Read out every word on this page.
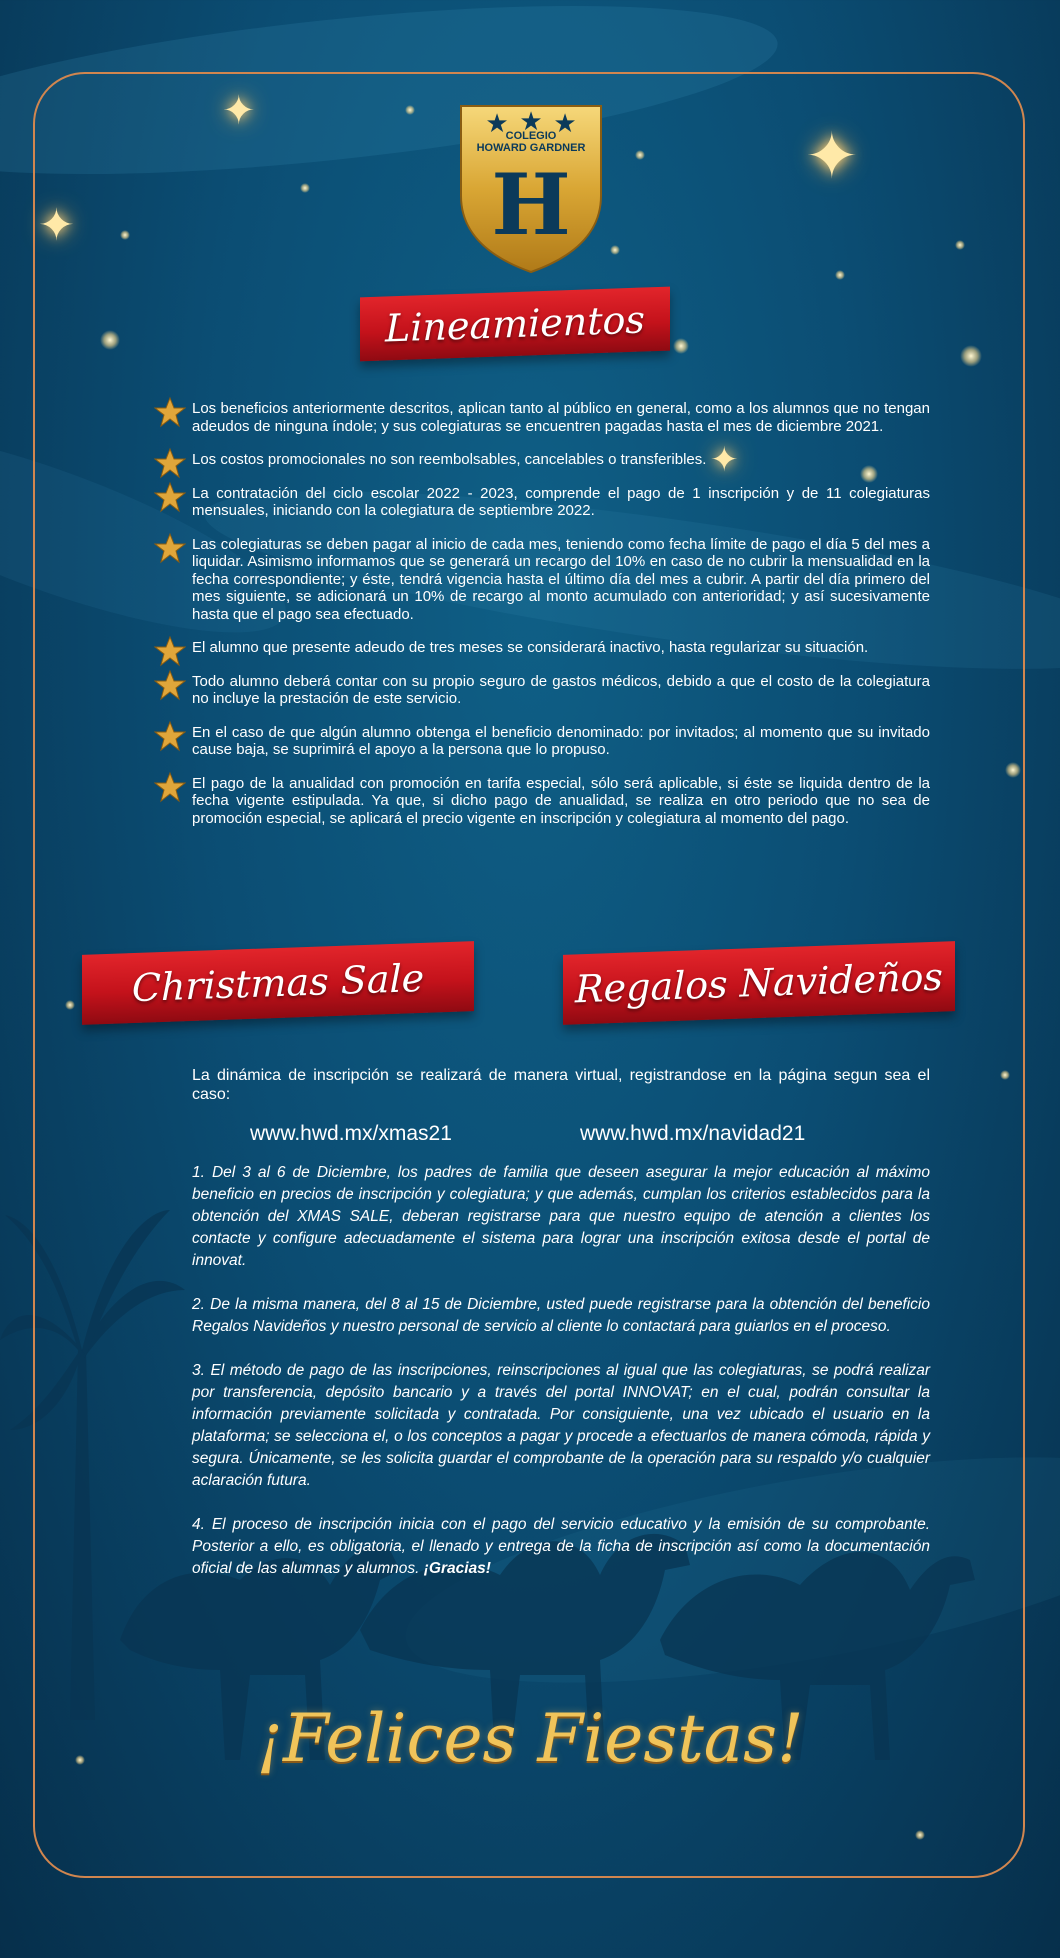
✦
✦
✦
✦
★ ★ ★
H
COLEGIO
HOWARD GARDNER
Lineamientos
Los beneficios anteriormente descritos, aplican tanto al público en general, como a los alumnos que no tengan adeudos de ninguna índole; y sus colegiaturas se encuentren pagadas hasta el mes de diciembre 2021.
Los costos promocionales no son reembolsables, cancelables o transferibles.
La contratación del ciclo escolar 2022 - 2023, comprende el pago de 1 inscripción y de 11 colegiaturas mensuales, iniciando con la colegiatura de septiembre 2022.
Las colegiaturas se deben pagar al inicio de cada mes, teniendo como fecha límite de pago el día 5 del mes a liquidar. Asimismo informamos que se generará un recargo del 10% en caso de no cubrir la mensualidad en la fecha correspondiente; y éste, tendrá vigencia hasta el último día del mes a cubrir. A partir del día primero del mes siguiente, se adicionará un 10% de recargo al monto acumulado con anterioridad; y así sucesivamente hasta que el pago sea efectuado.
El alumno que presente adeudo de tres meses se considerará inactivo, hasta regularizar su situación.
Todo alumno deberá contar con su propio seguro de gastos médicos, debido a que el costo de la colegiatura no incluye la prestación de este servicio.
En el caso de que algún alumno obtenga el beneficio denominado: por invitados; al momento que su invitado cause baja, se suprimirá el apoyo a la persona que lo propuso.
El pago de la anualidad con promoción en tarifa especial, sólo será aplicable, si éste se liquida dentro de la fecha vigente estipulada. Ya que, si dicho pago de anualidad, se realiza en otro periodo que no sea de promoción especial, se aplicará el precio vigente en inscripción y colegiatura al momento del pago.
Christmas Sale	Regalos Navideños
La dinámica de inscripción se realizará de manera virtual, registrandose en la página segun sea el caso:
www.hwd.mx/xmas21	www.hwd.mx/navidad21

1. Del 3 al 6 de Diciembre, los padres de familia que deseen asegurar la mejor educación al máximo beneficio en precios de inscripción y colegiatura; y que además, cumplan los criterios establecidos para la obtención del XMAS SALE, deberan registrarse para que nuestro equipo de atención a clientes los contacte y configure adecuadamente el sistema para lograr una inscripción exitosa desde el portal de innovat.

2. De la misma manera, del 8 al 15 de Diciembre, usted puede registrarse para la obtención del beneficio Regalos Navideños y nuestro personal de servicio al cliente lo contactará para guiarlos en el proceso.

3. El método de pago de las inscripciones, reinscripciones al igual que las colegiaturas, se podrá realizar por transferencia, depósito bancario y a través del portal INNOVAT; en el cual, podrán consultar la información previamente solicitada y contratada. Por consiguiente, una vez ubicado el usuario en la plataforma; se selecciona el, o los conceptos a pagar y procede a efectuarlos de manera cómoda, rápida y segura. Únicamente, se les solicita guardar el comprobante de la operación para su respaldo y/o cualquier aclaración futura.

4. El proceso de inscripción inicia con el pago del servicio educativo y la emisión de su comprobante. Posterior a ello, es obligatoria, el llenado y entrega de la ficha de inscripción así como la documentación oficial de las alumnas y alumnos. ¡Gracias!

¡Felices Fiestas!
